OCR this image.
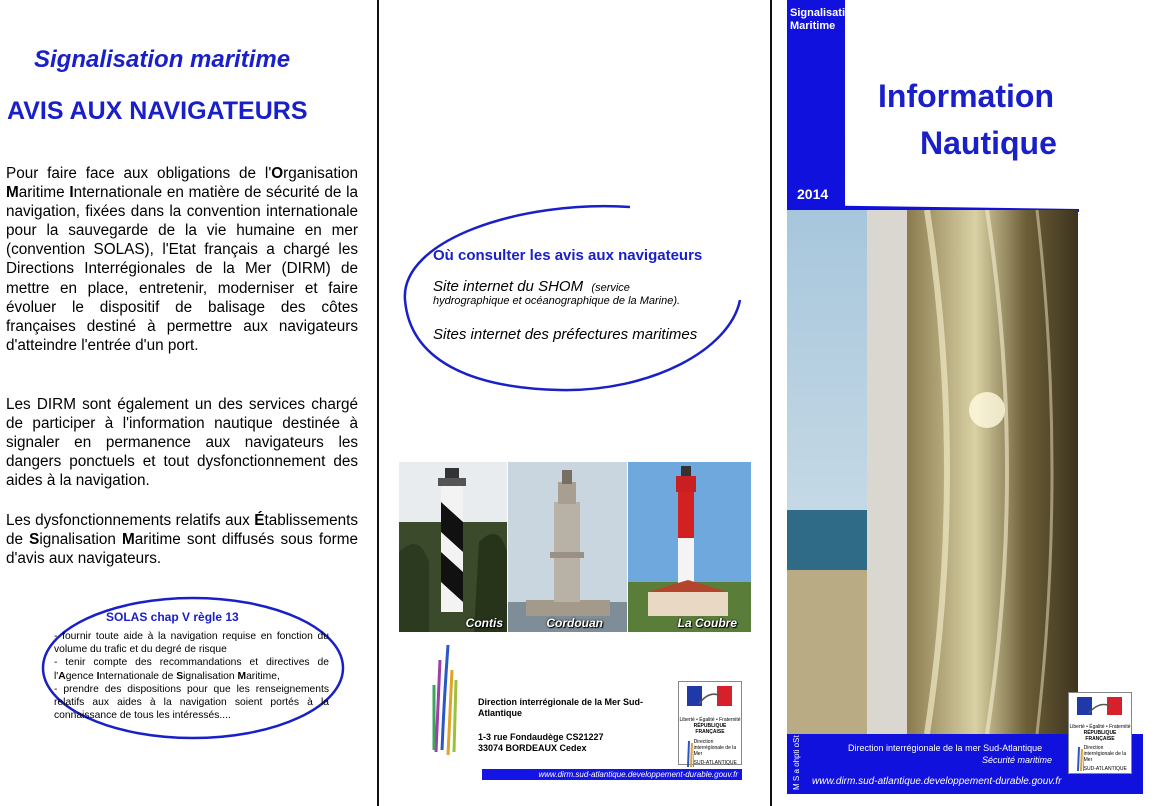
Signalisation maritime
AVIS AUX NAVIGATEURS
Pour faire face aux obligations de l'Organisation Maritime Internationale en matière de sécurité de la navigation, fixées dans la convention internationale pour la sauvegarde de la vie humaine en mer (convention SOLAS), l'Etat français a chargé les Directions Interrégionales de la Mer (DIRM) de mettre en place, entretenir, moderniser et faire évoluer le dispositif de balisage des côtes françaises destiné à permettre aux navigateurs d'atteindre l'entrée d'un port.
Les DIRM sont également un des services chargé de participer à l'information nautique destinée à signaler en permanence aux navigateurs les dangers ponctuels et tout dysfonctionnement des aides à la navigation.
Les dysfonctionnements relatifs aux Établissements de Signalisation Maritime sont diffusés sous forme d'avis aux navigateurs.
SOLAS chap V règle 13
- fournir toute aide à la navigation requise en fonction du volume du trafic et du degré de risque
- tenir compte des recommandations et directives de l'Agence Internationale de Signalisation Maritime,
- prendre des dispositions pour que les renseignements relatifs aux aides à la navigation soient portés à la connaissance de tous les intéressés....
Où consulter les avis aux navigateurs
Site internet du SHOM (service
hydrographique et océanographique de la Marine).
Sites internet des préfectures maritimes
Contis	Cordouan	La Coubre
Direction interrégionale de la Mer Sud-Atlantique
1-3 rue Fondaudège CS21227
33074 BORDEAUX Cedex
Liberté • Égalité • Fraternité
RÉPUBLIQUE FRANÇAISE
Direction interrégionale de la Mer
SUD-ATLANTIQUE
www.dirm.sud-atlantique.developpement-durable.gouv.fr
Signalisation
Maritime
Information
Nautique
2014
Direction interrégionale de la mer Sud-Atlantique
Sécurité maritime
www.dirm.sud-atlantique.developpement-durable.gouv.fr
M S a ohpti oSt
Liberté • Égalité • Fraternité
RÉPUBLIQUE FRANÇAISE
Direction interrégionale de la Mer
SUD-ATLANTIQUE
